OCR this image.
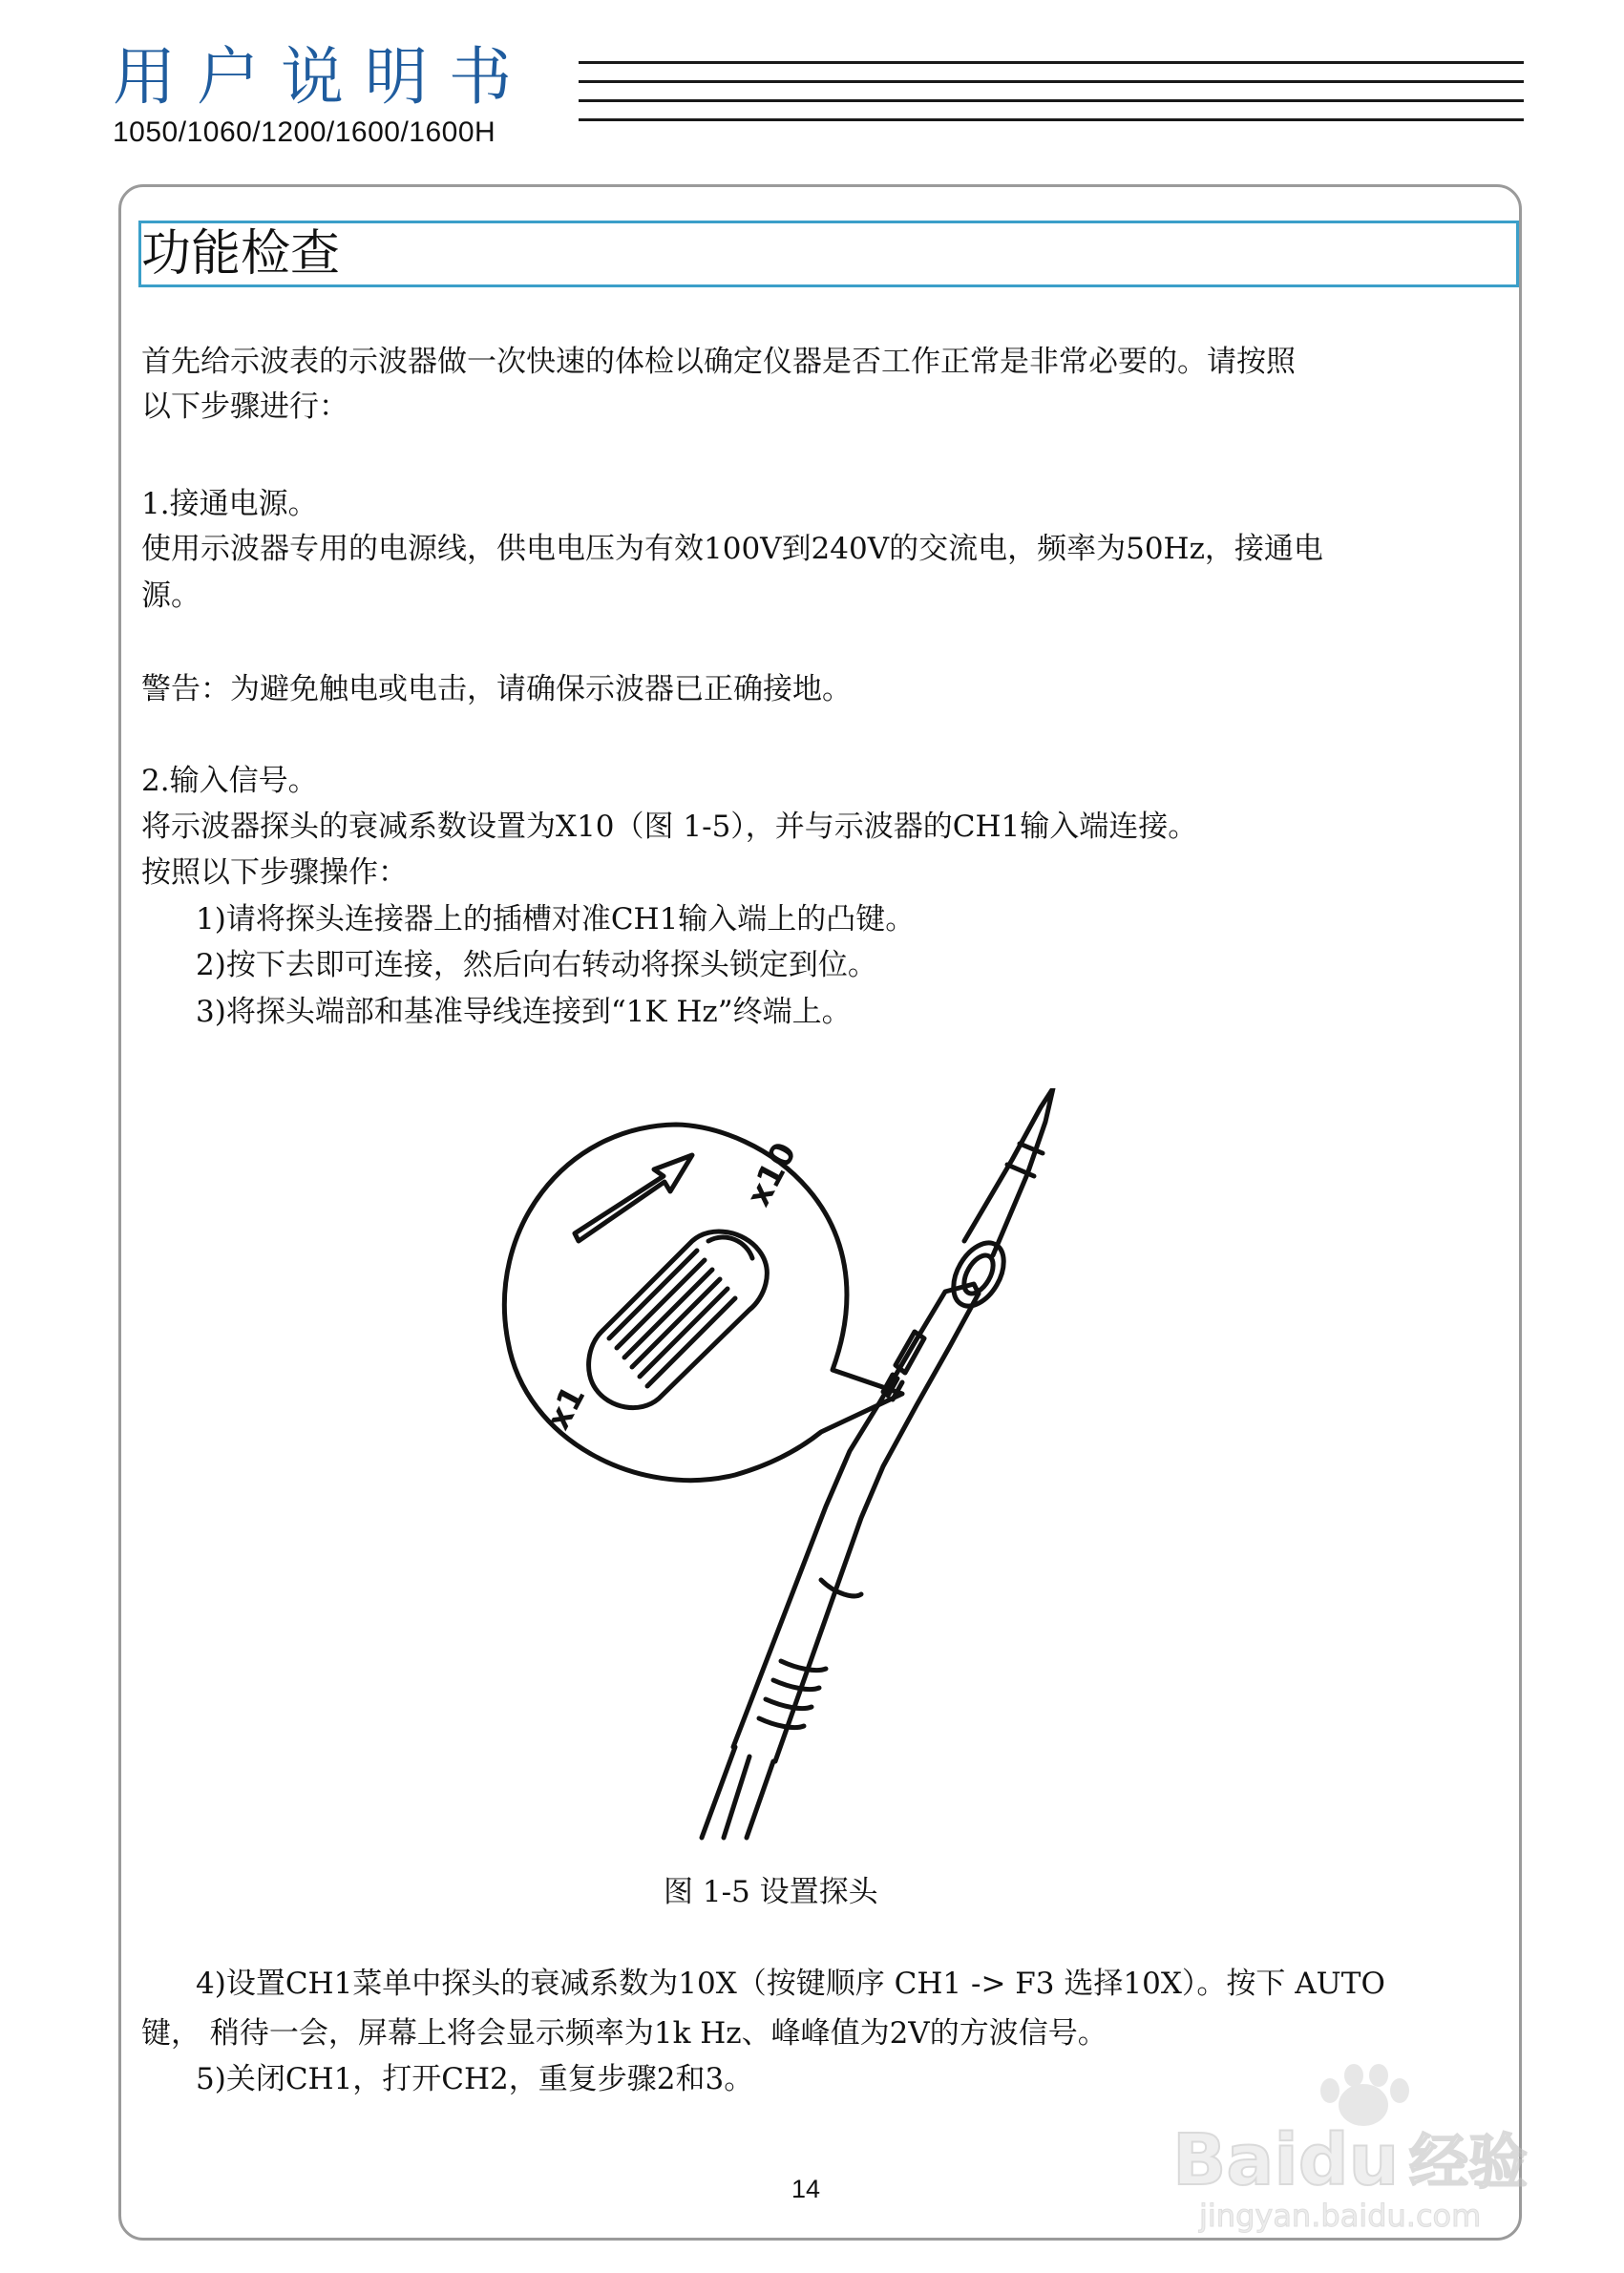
用户说明书
1050/1060/1200/1600/1600H
功能检查
首先给示波表的示波器做一次快速的体检以确定仪器是否工作正常是非常必要的。请按照
以下步骤进行：
1.接通电源。
使用示波器专用的电源线，供电电压为有效100V到240V的交流电，频率为50Hz，接通电
源。
警告：为避免触电或电击，请确保示波器已正确接地。
2.输入信号。
将示波器探头的衰减系数设置为X10（图 1-5），并与示波器的CH1输入端连接。
按照以下步骤操作：
1)请将探头连接器上的插槽对准CH1输入端上的凸键。
2)按下去即可连接，然后向右转动将探头锁定到位。
3)将探头端部和基准导线连接到“1K Hz”终端上。
x10
x1
图 1-5 设置探头
4)设置CH1菜单中探头的衰减系数为10X（按键顺序 CH1 -> F3 选择10X）。按下 AUTO
键， 稍待一会，屏幕上将会显示频率为1k Hz、峰峰值为2V的方波信号。
5)关闭CH1，打开CH2，重复步骤2和3。
14	Baidu 经验
jingyan.baidu.com
